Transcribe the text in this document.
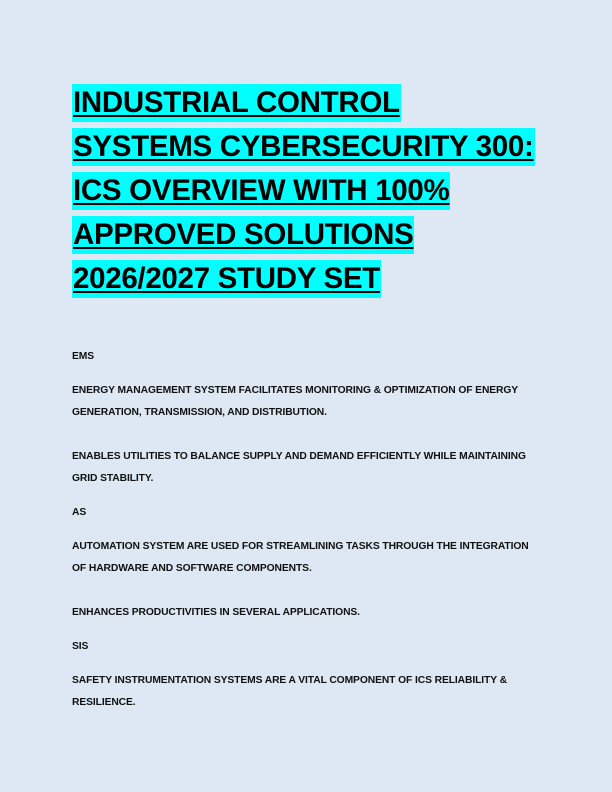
INDUSTRIAL CONTROL
SYSTEMS CYBERSECURITY 300:
ICS OVERVIEW WITH 100%
APPROVED SOLUTIONS
2026/2027 STUDY SET

EMS

ENERGY MANAGEMENT SYSTEM FACILITATES MONITORING & OPTIMIZATION OF ENERGY GENERATION, TRANSMISSION, AND DISTRIBUTION.

ENABLES UTILITIES TO BALANCE SUPPLY AND DEMAND EFFICIENTLY WHILE MAINTAINING GRID STABILITY.

AS

AUTOMATION SYSTEM ARE USED FOR STREAMLINING TASKS THROUGH THE INTEGRATION OF HARDWARE AND SOFTWARE COMPONENTS.

ENHANCES PRODUCTIVITIES IN SEVERAL APPLICATIONS.

SIS

SAFETY INSTRUMENTATION SYSTEMS ARE A VITAL COMPONENT OF ICS RELIABILITY & RESILIENCE.
